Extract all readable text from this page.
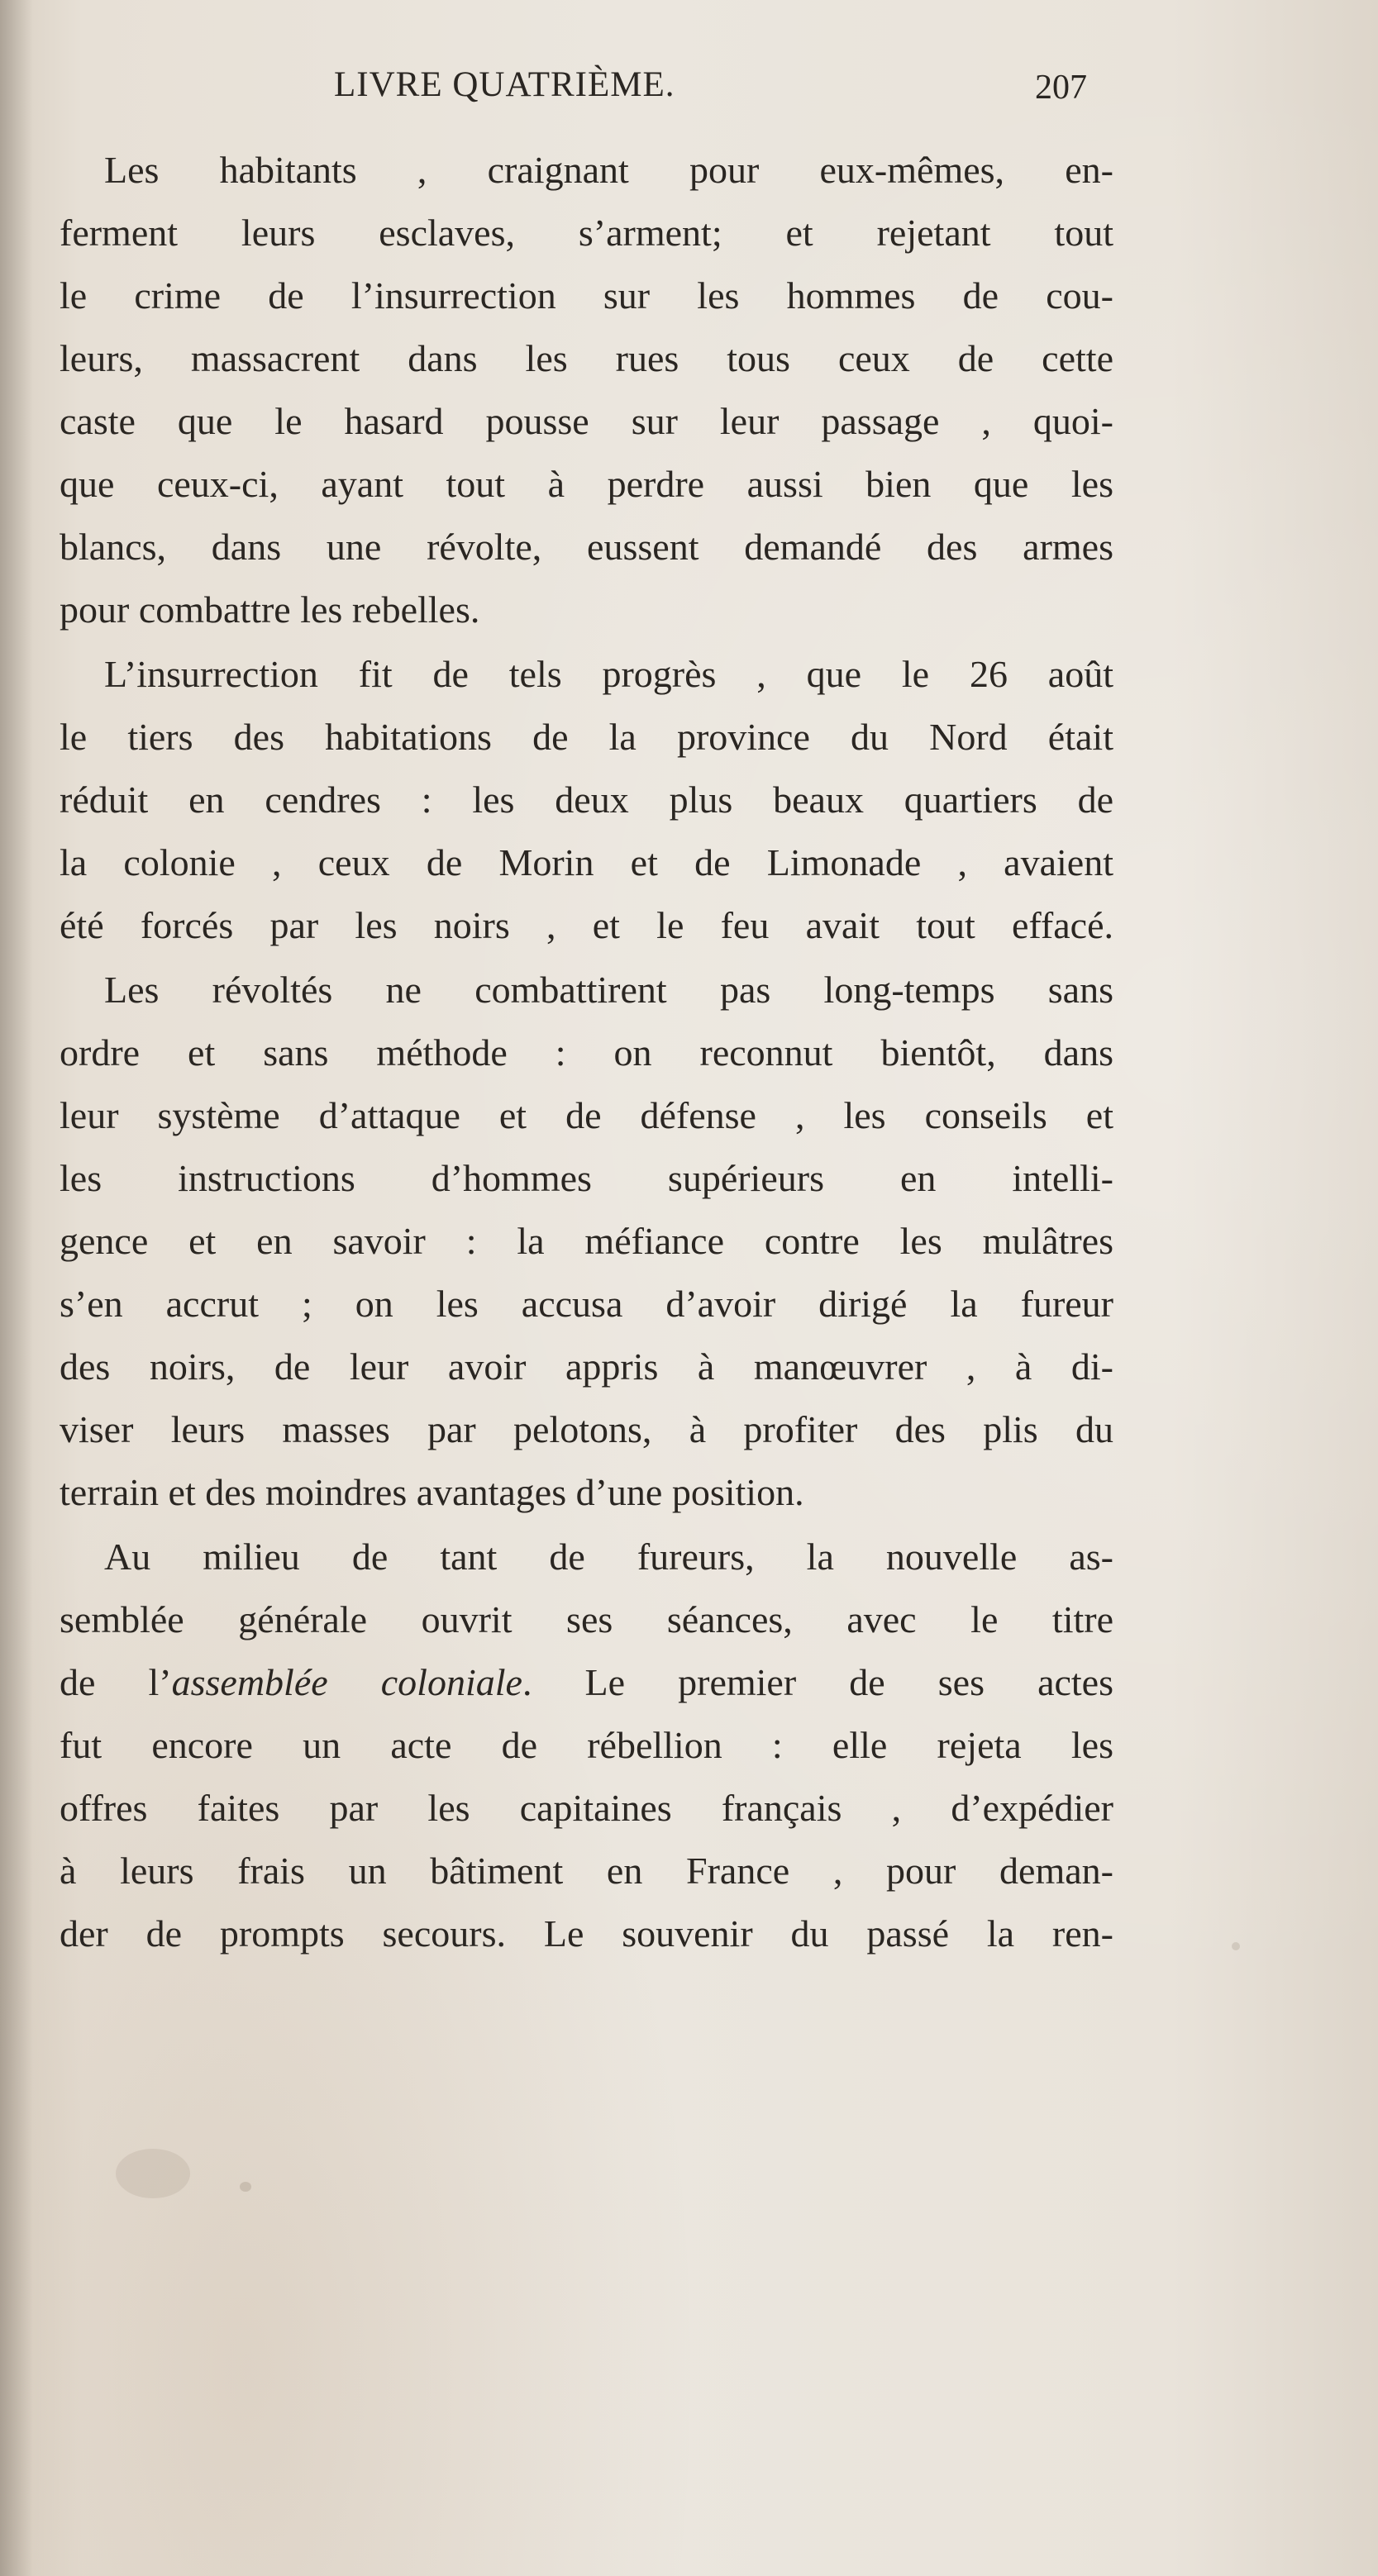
LIVRE QUATRIÈME.	207
Les habitants , craignant pour eux-mêmes, en-
ferment leurs esclaves, s’arment; et rejetant tout
le crime de l’insurrection sur les hommes de cou-
leurs, massacrent dans les rues tous ceux de cette
caste que le hasard pousse sur leur passage , quoi-
que ceux-ci, ayant tout à perdre aussi bien que les
blancs, dans une révolte, eussent demandé des armes
pour combattre les rebelles.
L’insurrection fit de tels progrès , que le 26 août
le tiers des habitations de la province du Nord était
réduit en cendres : les deux plus beaux quartiers de
la colonie , ceux de Morin et de Limonade , avaient
été forcés par les noirs , et le feu avait tout effacé.
Les révoltés ne combattirent pas long-temps sans
ordre et sans méthode : on reconnut bientôt, dans
leur système d’attaque et de défense , les conseils et
les instructions d’hommes supérieurs en intelli-
gence et en savoir : la méfiance contre les mulâtres
s’en accrut ; on les accusa d’avoir dirigé la fureur
des noirs, de leur avoir appris à manœuvrer , à di-
viser leurs masses par pelotons, à profiter des plis du
terrain et des moindres avantages d’une position.
Au milieu de tant de fureurs, la nouvelle as-
semblée générale ouvrit ses séances, avec le titre
de l’assemblée coloniale. Le premier de ses actes
fut encore un acte de rébellion : elle rejeta les
offres faites par les capitaines français , d’expédier
à leurs frais un bâtiment en France , pour deman-
der de prompts secours. Le souvenir du passé la ren-
